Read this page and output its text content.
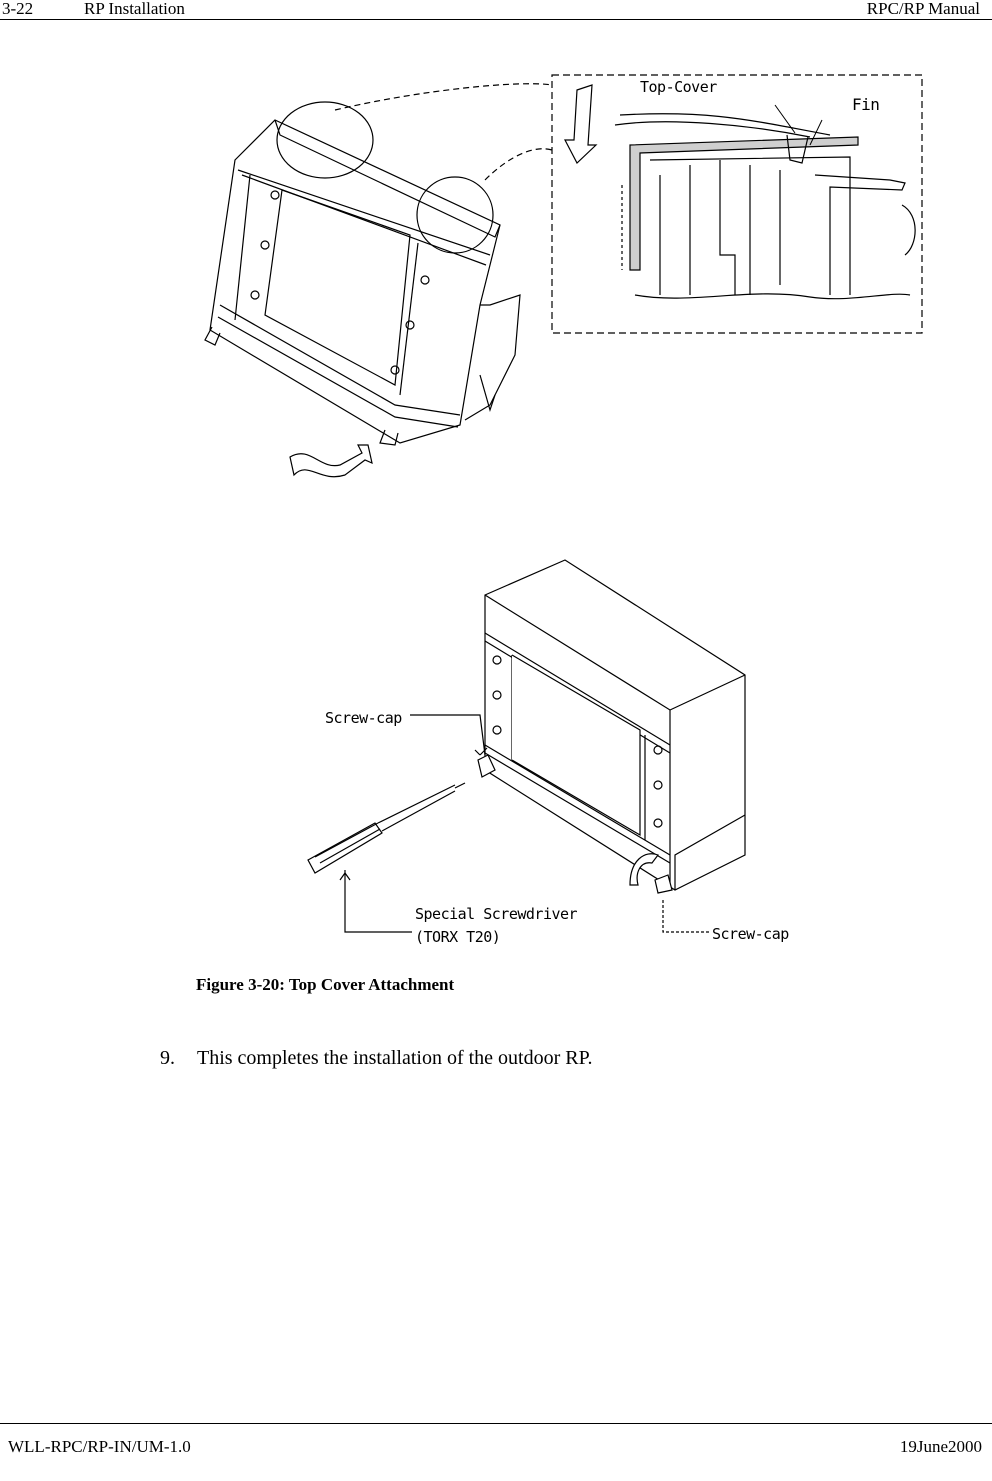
3-22	RP Installation	RPC/RP Manual
Top-Cover
Fin
Screw-cap
Screw-cap
Special Screwdriver
(TORX T20)
Figure 3-20: Top Cover Attachment
9. This completes the installation of the outdoor RP.
WLL-RPC/RP-IN/UM-1.0	19June2000
